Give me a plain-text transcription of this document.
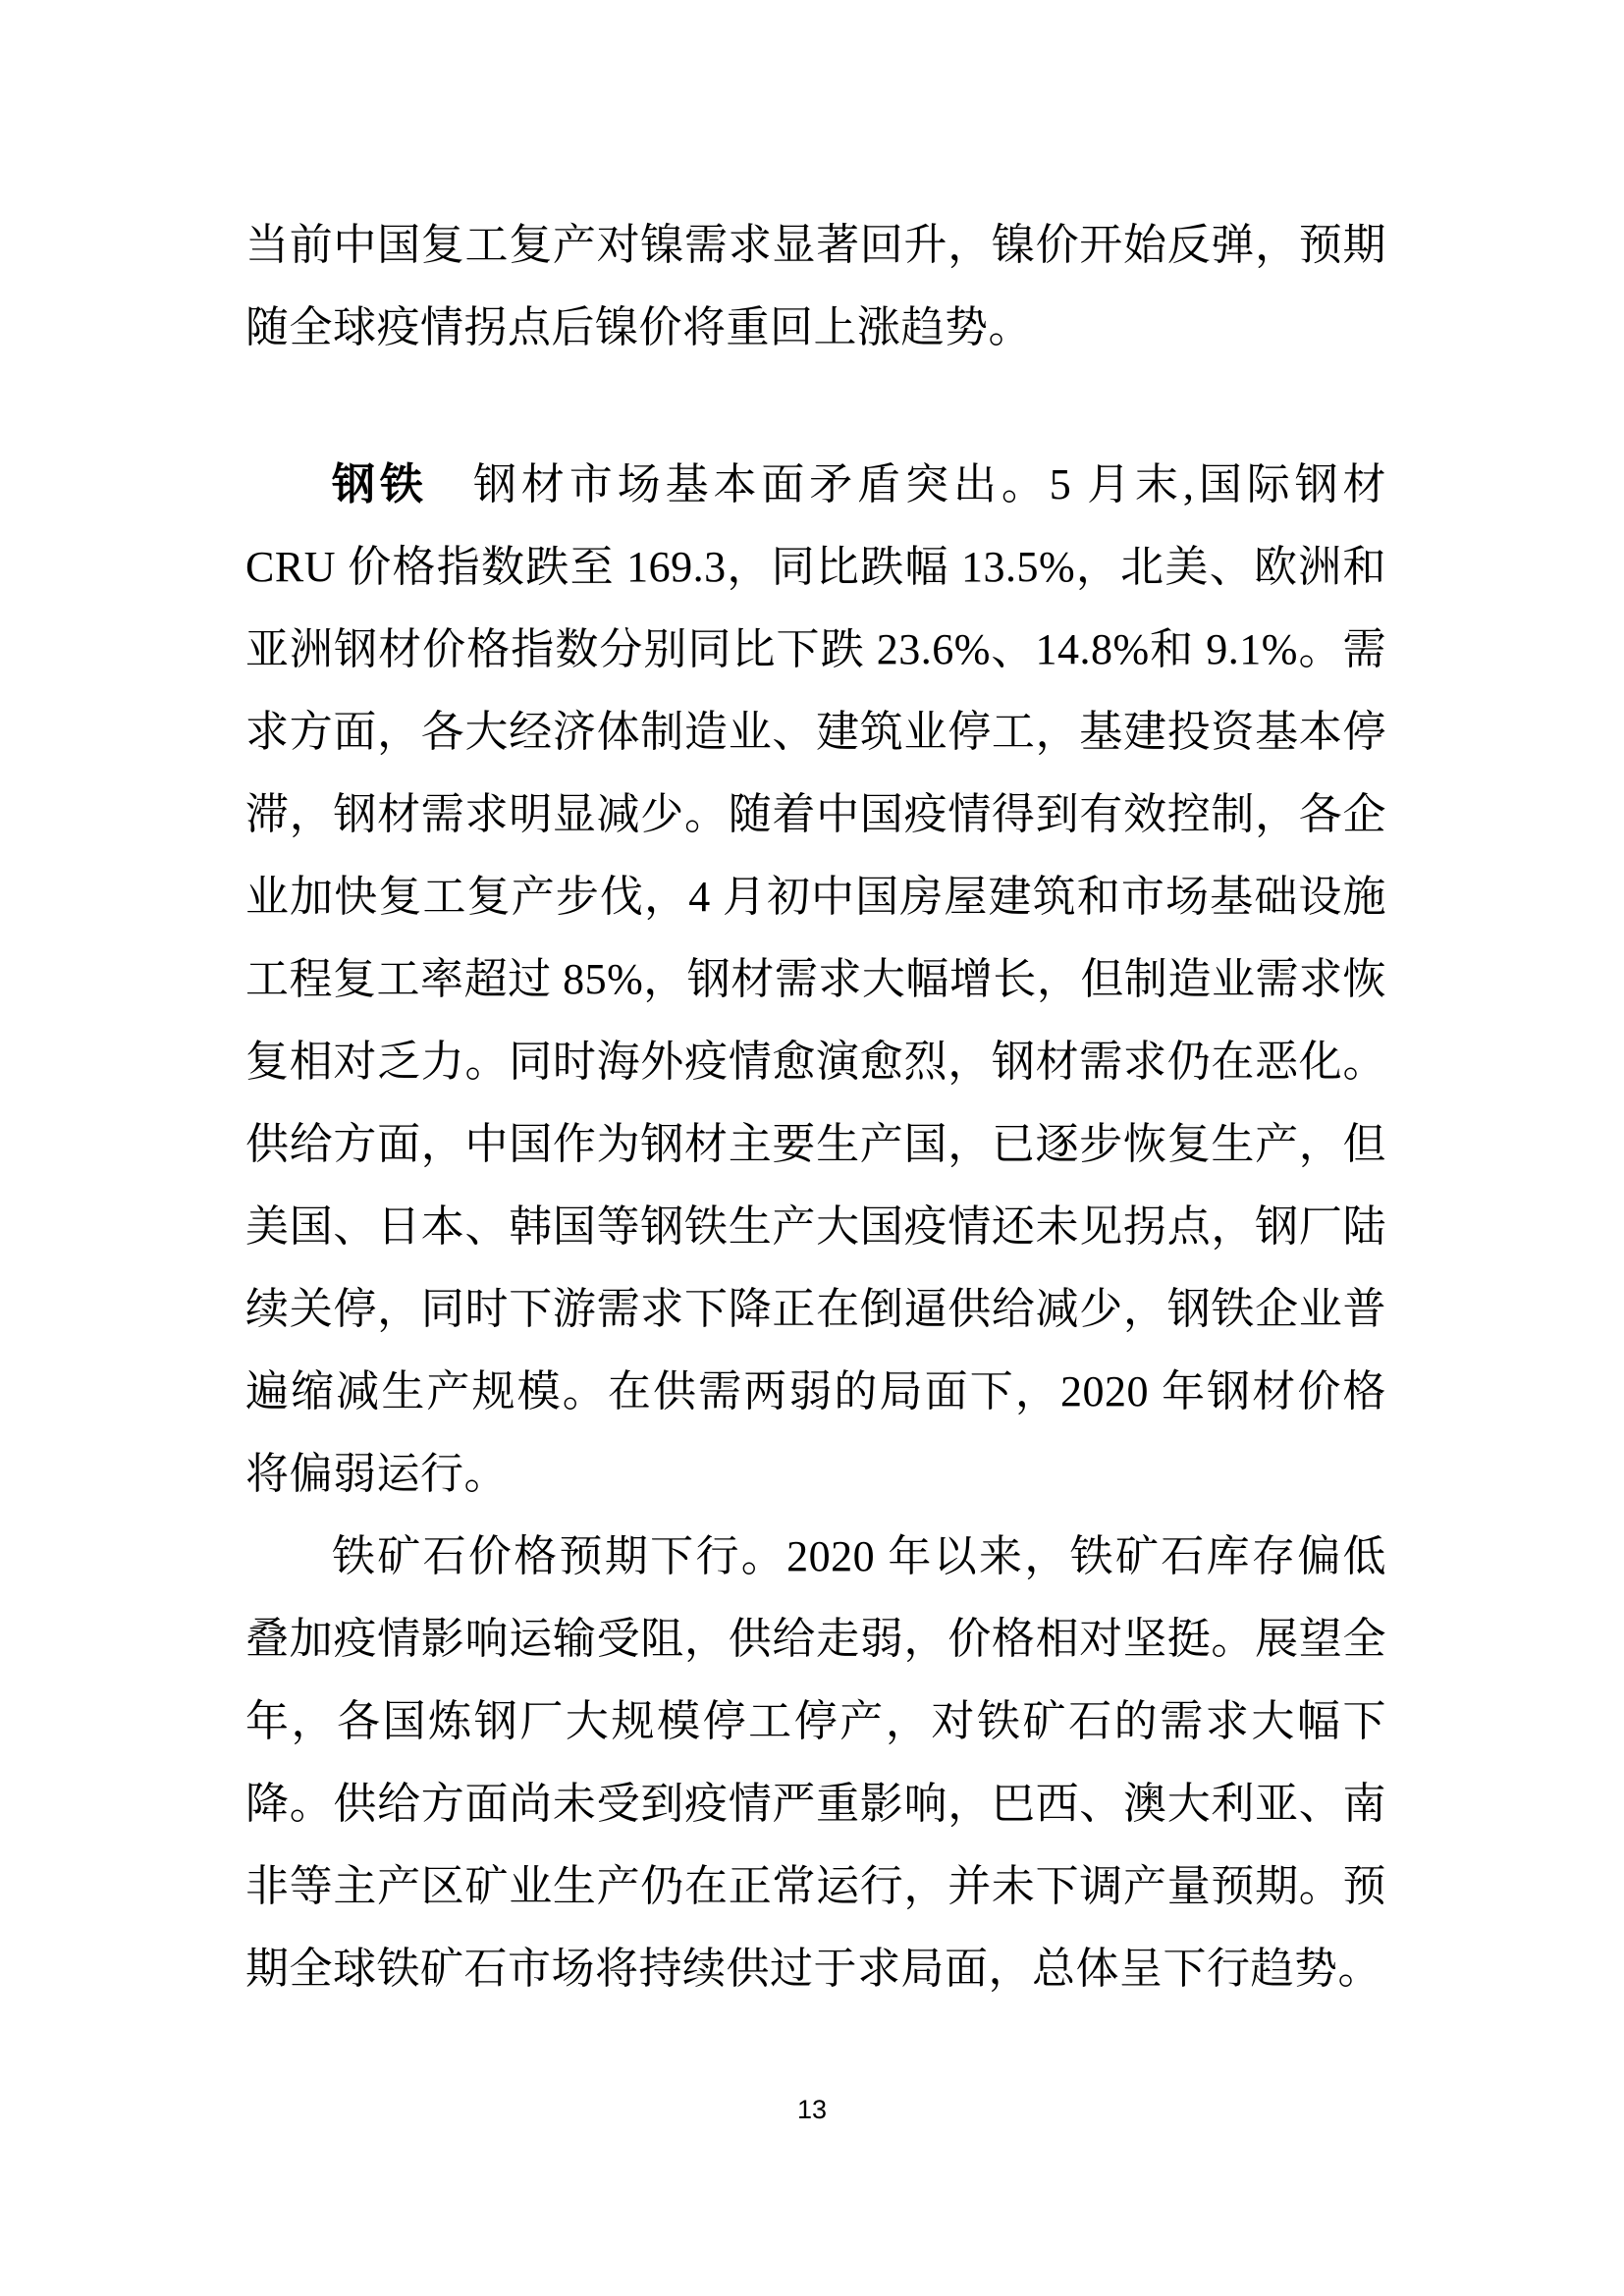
当前中国复工复产对镍需求显著回升，镍价开始反弹，预期随全球疫情拐点后镍价将重回上涨趋势。

钢铁 钢材市场基本面矛盾突出。5 月末,国际钢材 CRU 价格指数跌至 169.3，同比跌幅 13.5%，北美、欧洲和亚洲钢材价格指数分别同比下跌 23.6%、14.8%和 9.1%。需求方面，各大经济体制造业、建筑业停工，基建投资基本停滞，钢材需求明显减少。随着中国疫情得到有效控制，各企业加快复工复产步伐，4 月初中国房屋建筑和市场基础设施工程复工率超过 85%，钢材需求大幅增长，但制造业需求恢复相对乏力。同时海外疫情愈演愈烈，钢材需求仍在恶化。供给方面，中国作为钢材主要生产国，已逐步恢复生产，但美国、日本、韩国等钢铁生产大国疫情还未见拐点，钢厂陆续关停，同时下游需求下降正在倒逼供给减少，钢铁企业普遍缩减生产规模。在供需两弱的局面下，2020 年钢材价格将偏弱运行。

铁矿石价格预期下行。2020 年以来，铁矿石库存偏低叠加疫情影响运输受阻，供给走弱，价格相对坚挺。展望全年，各国炼钢厂大规模停工停产，对铁矿石的需求大幅下降。供给方面尚未受到疫情严重影响，巴西、澳大利亚、南非等主产区矿业生产仍在正常运行，并未下调产量预期。预期全球铁矿石市场将持续供过于求局面，总体呈下行趋势。

13
